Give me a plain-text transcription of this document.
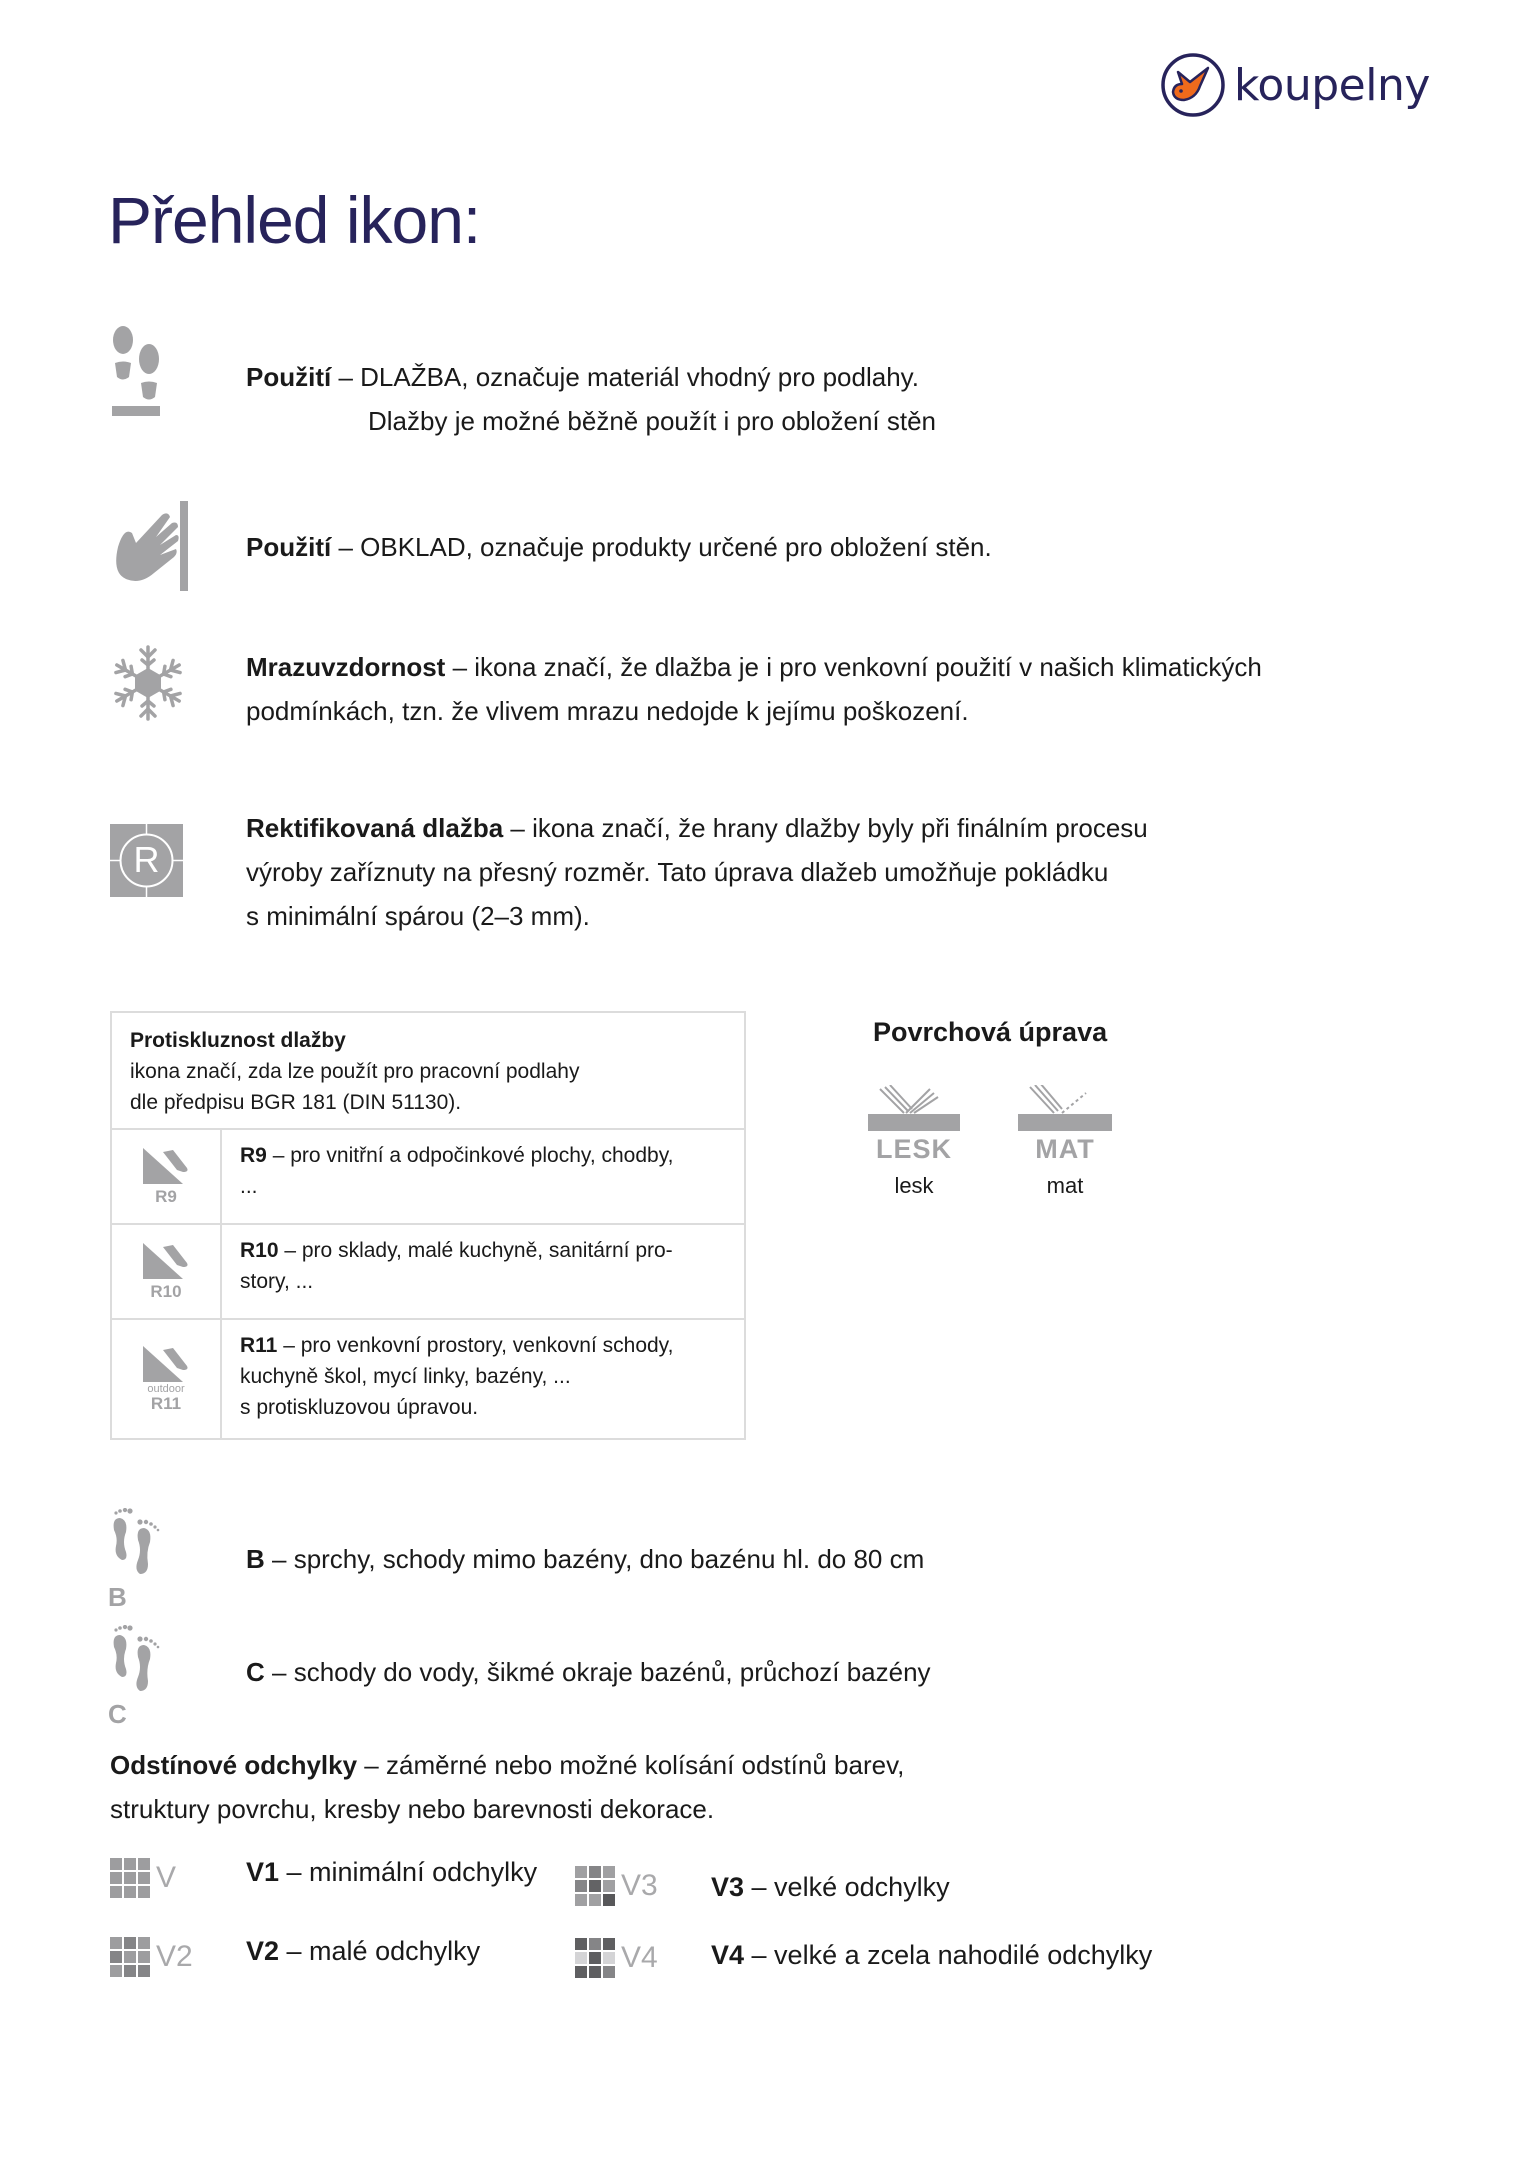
koupelny
Přehled ikon:
Použití – DLAŽBA, označuje materiál vhodný pro podlahy.
Dlažby je možné běžně použít i pro obložení stěn
Použití – OBKLAD, označuje produkty určené pro obložení stěn.
Mrazuvzdornost – ikona značí, že dlažba je i pro venkovní použití v našich klimatických
podmínkách, tzn. že vlivem mrazu nedojde k jejímu poškození.
R
Rektifikovaná dlažba – ikona značí, že hrany dlažby byly při finálním procesu
výroby zaříznuty na přesný rozměr. Tato úprava dlažeb umožňuje pokládku
s minimální spárou (2–3 mm).
Protiskluznost dlažby
ikona značí, zda lze použít pro pracovní podlahy
dle předpisu BGR 181 (DIN 51130).
R9
R9 – pro vnitřní a odpočinkové plochy, chodby,
...
R10
R10 – pro sklady, malé kuchyně, sanitární pro-
story, ...
outdoor
R11
R11 – pro venkovní prostory, venkovní schody,
kuchyně škol, mycí linky, bazény, ...
s protiskluzovou úpravou.
Povrchová úprava
LESK
lesk
MAT
mat
B
B – sprchy, schody mimo bazény, dno bazénu hl. do 80 cm
C
C – schody do vody, šikmé okraje bazénů, průchozí bazény
Odstínové odchylky – záměrné nebo možné kolísání odstínů barev,
struktury povrchu, kresby nebo barevnosti dekorace.
V	V1 – minimální odchylky
V2 V2 – malé odchylky
V3 V3 – velké odchylky
V4 V4 – velké a zcela nahodilé odchylky
